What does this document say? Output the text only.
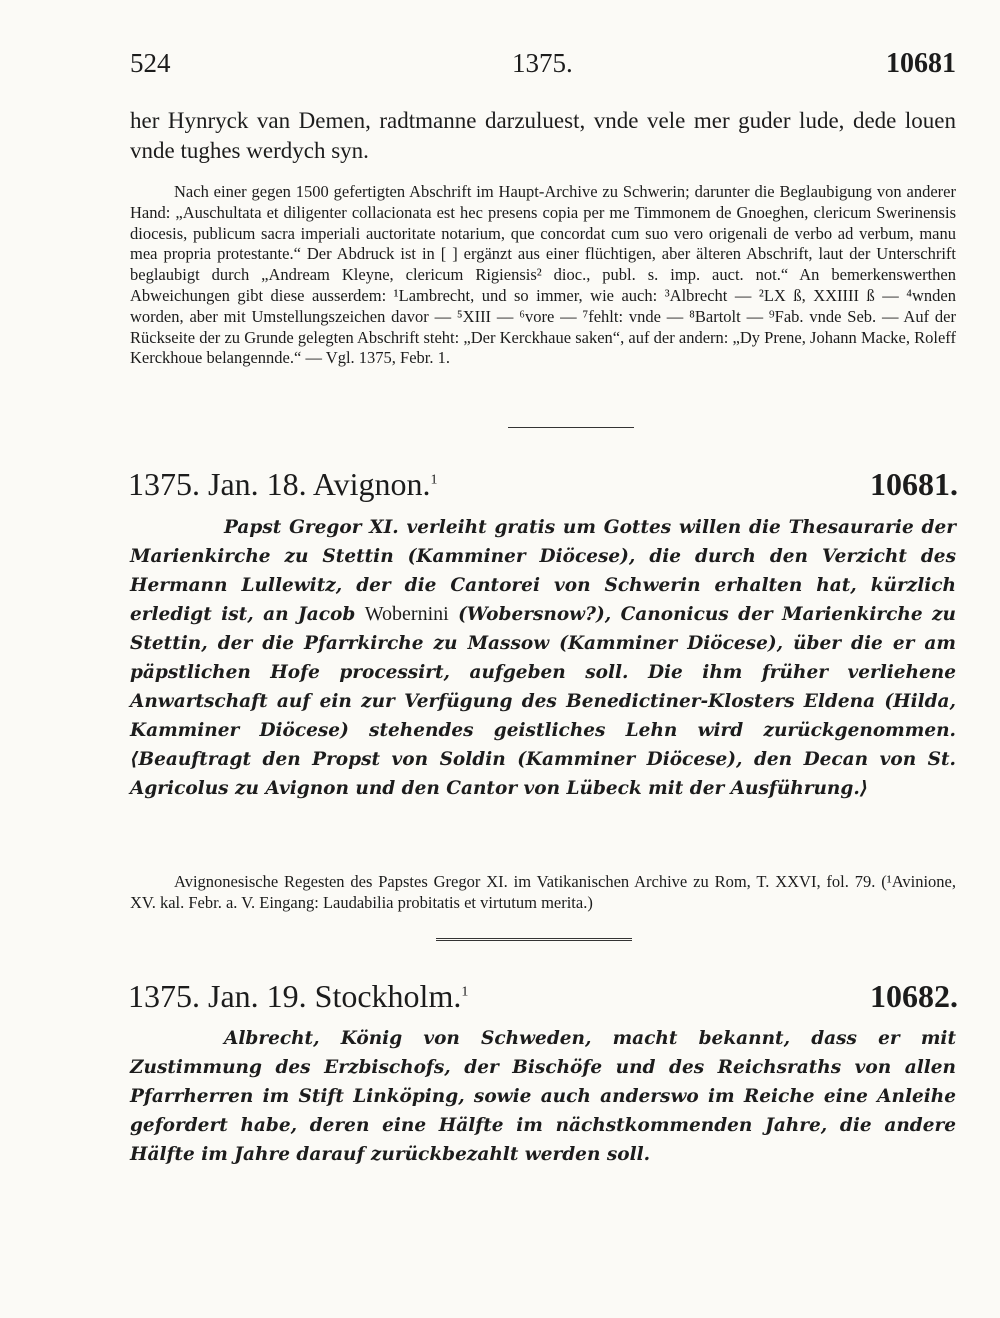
524	1375.	10681
her Hynryck van Demen, radtmanne darzuluest, vnde vele mer guder lude, dede louen vnde tughes werdych syn.

Nach einer gegen 1500 gefertigten Abschrift im Haupt-Archive zu Schwerin; darunter die Beglaubigung von anderer Hand: „Auschultata et diligenter collacionata est hec presens copia per me Timmonem de Gnoeghen, clericum Swerinensis diocesis, publicum sacra imperiali auctoritate notarium, que concordat cum suo vero origenali de verbo ad verbum, manu mea propria protestante.“ Der Abdruck ist in [ ] ergänzt aus einer flüchtigen, aber älteren Abschrift, laut der Unterschrift beglaubigt durch „Andream Kleyne, clericum Rigiensis² dioc., publ. s. imp. auct. not.“ An bemerkenswerthen Abweichungen gibt diese ausserdem: ¹Lambrecht, und so immer, wie auch: ³Albrecht — ²LX ß, XXIIII ß — ⁴wnden worden, aber mit Umstellungszeichen davor — ⁵XIII — ⁶vore — ⁷fehlt: vnde — ⁸Bartolt — ⁹Fab. vnde Seb. — Auf der Rückseite der zu Grunde gelegten Abschrift steht: „Der Kerckhaue saken“, auf der andern: „Dy Prene, Johann Macke, Roleff Kerckhoue belangennde.“ — Vgl. 1375, Febr. 1.

1375. Jan. 18. Avignon.$^1$	10681.

Papst Gregor XI. verleiht gratis um Gottes willen die Thesaurarie der Marienkirche zu Stettin (Kamminer Diöcese), die durch den Verzicht des Hermann Lullewitz, der die Cantorei von Schwerin erhalten hat, kürzlich erledigt ist, an Jacob Wobernini (Wobersnow?), Canonicus der Marienkirche zu Stettin, der die Pfarrkirche zu Massow (Kamminer Diöcese), über die er am päpstlichen Hofe processirt, aufgeben soll. Die ihm früher verliehene Anwartschaft auf ein zur Verfügung des Benedictiner-Klosters Eldena (Hilda, Kamminer Diöcese) stehendes geistliches Lehn wird zurückgenommen. ⟨Beauftragt den Propst von Soldin (Kamminer Diöcese), den Decan von St. Agricolus zu Avignon und den Cantor von Lübeck mit der Ausführung.⟩

Avignonesische Regesten des Papstes Gregor XI. im Vatikanischen Archive zu Rom, T. XXVI, fol. 79. (¹Avinione, XV. kal. Febr. a. V. Eingang: Laudabilia probitatis et virtutum merita.)

1375. Jan. 19. Stockholm.$^1$	10682.

Albrecht, König von Schweden, macht bekannt, dass er mit Zustimmung des Erzbischofs, der Bischöfe und des Reichsraths von allen Pfarrherren im Stift Linköping, sowie auch anderswo im Reiche eine Anleihe gefordert habe, deren eine Hälfte im nächstkommenden Jahre, die andere Hälfte im Jahre darauf zurückbezahlt werden soll.
